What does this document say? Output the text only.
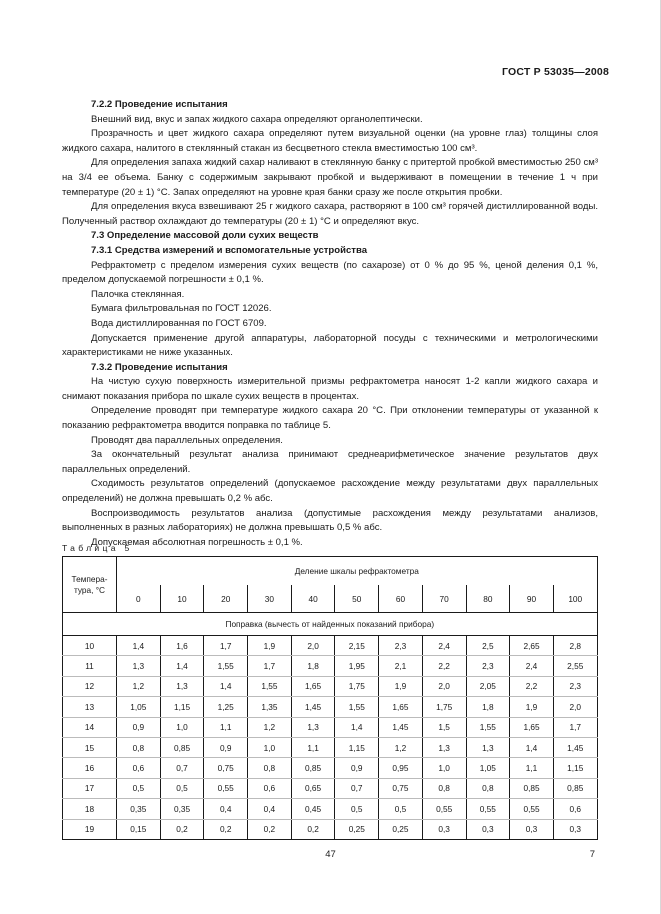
ГОСТ Р 53035—2008

7.2.2 Проведение испытания

Внешний вид, вкус и запах жидкого сахара определяют органолептически.

Прозрачность и цвет жидкого сахара определяют путем визуальной оценки (на уровне глаз) толщины слоя жидкого сахара, налитого в стеклянный стакан из бесцветного стекла вместимостью 100 см³.

Для определения запаха жидкий сахар наливают в стеклянную банку с притертой пробкой вместимостью 250 см³ на 3/4 ее объема. Банку с содержимым закрывают пробкой и выдерживают в помещении в течение 1 ч при температуре (20 ± 1) °С. Запах определяют на уровне края банки сразу же после открытия пробки.

Для определения вкуса взвешивают 25 г жидкого сахара, растворяют в 100 см³ горячей дистиллированной воды. Полученный раствор охлаждают до температуры (20 ± 1) °С и определяют вкус.

7.3 Определение массовой доли сухих веществ

7.3.1 Средства измерений и вспомогательные устройства

Рефрактометр с пределом измерения сухих веществ (по сахарозе) от 0 % до 95 %, ценой деления 0,1 %, пределом допускаемой погрешности ± 0,1 %.

Палочка стеклянная.

Бумага фильтровальная по ГОСТ 12026.

Вода дистиллированная по ГОСТ 6709.

Допускается применение другой аппаратуры, лабораторной посуды с техническими и метрологическими характеристиками не ниже указанных.

7.3.2 Проведение испытания

На чистую сухую поверхность измерительной призмы рефрактометра наносят 1-2 капли жидкого сахара и снимают показания прибора по шкале сухих веществ в процентах.

Определение проводят при температуре жидкого сахара 20 °С. При отклонении температуры от указанной к показанию рефрактометра вводится поправка по таблице 5.

Проводят два параллельных определения.

За окончательный результат анализа принимают среднеарифметическое значение результатов двух параллельных определений.

Сходимость результатов определений (допускаемое расхождение между результатами двух параллельных определений) не должна превышать 0,2 % абс.

Воспроизводимость результатов анализа (допустимые расхождения между результатами анализов, выполненных в разных лабораториях) не должна превышать 0,5 % абс.

Допускаемая абсолютная погрешность ± 0,1 %.

Таблица 5
Темпера-тура, °С	Деление шкалы рефрактометра										
	0	10	20	30	40	50	60	70	80	90	100
Поправка (вычесть от найденных показаний прибора)											
10	1,4	1,6	1,7	1,9	2,0	2,15	2,3	2,4	2,5	2,65	2,8
11	1,3	1,4	1,55	1,7	1,8	1,95	2,1	2,2	2,3	2,4	2,55
12	1,2	1,3	1,4	1,55	1,65	1,75	1,9	2,0	2,05	2,2	2,3
13	1,05	1,15	1,25	1,35	1,45	1,55	1,65	1,75	1,8	1,9	2,0
14	0,9	1,0	1,1	1,2	1,3	1,4	1,45	1,5	1,55	1,65	1,7
15	0,8	0,85	0,9	1,0	1,1	1,15	1,2	1,3	1,3	1,4	1,45
16	0,6	0,7	0,75	0,8	0,85	0,9	0,95	1,0	1,05	1,1	1,15
17	0,5	0,5	0,55	0,6	0,65	0,7	0,75	0,8	0,8	0,85	0,85
18	0,35	0,35	0,4	0,4	0,45	0,5	0,5	0,55	0,55	0,55	0,6
19	0,15	0,2	0,2	0,2	0,2	0,25	0,25	0,3	0,3	0,3	0,3
47	7
